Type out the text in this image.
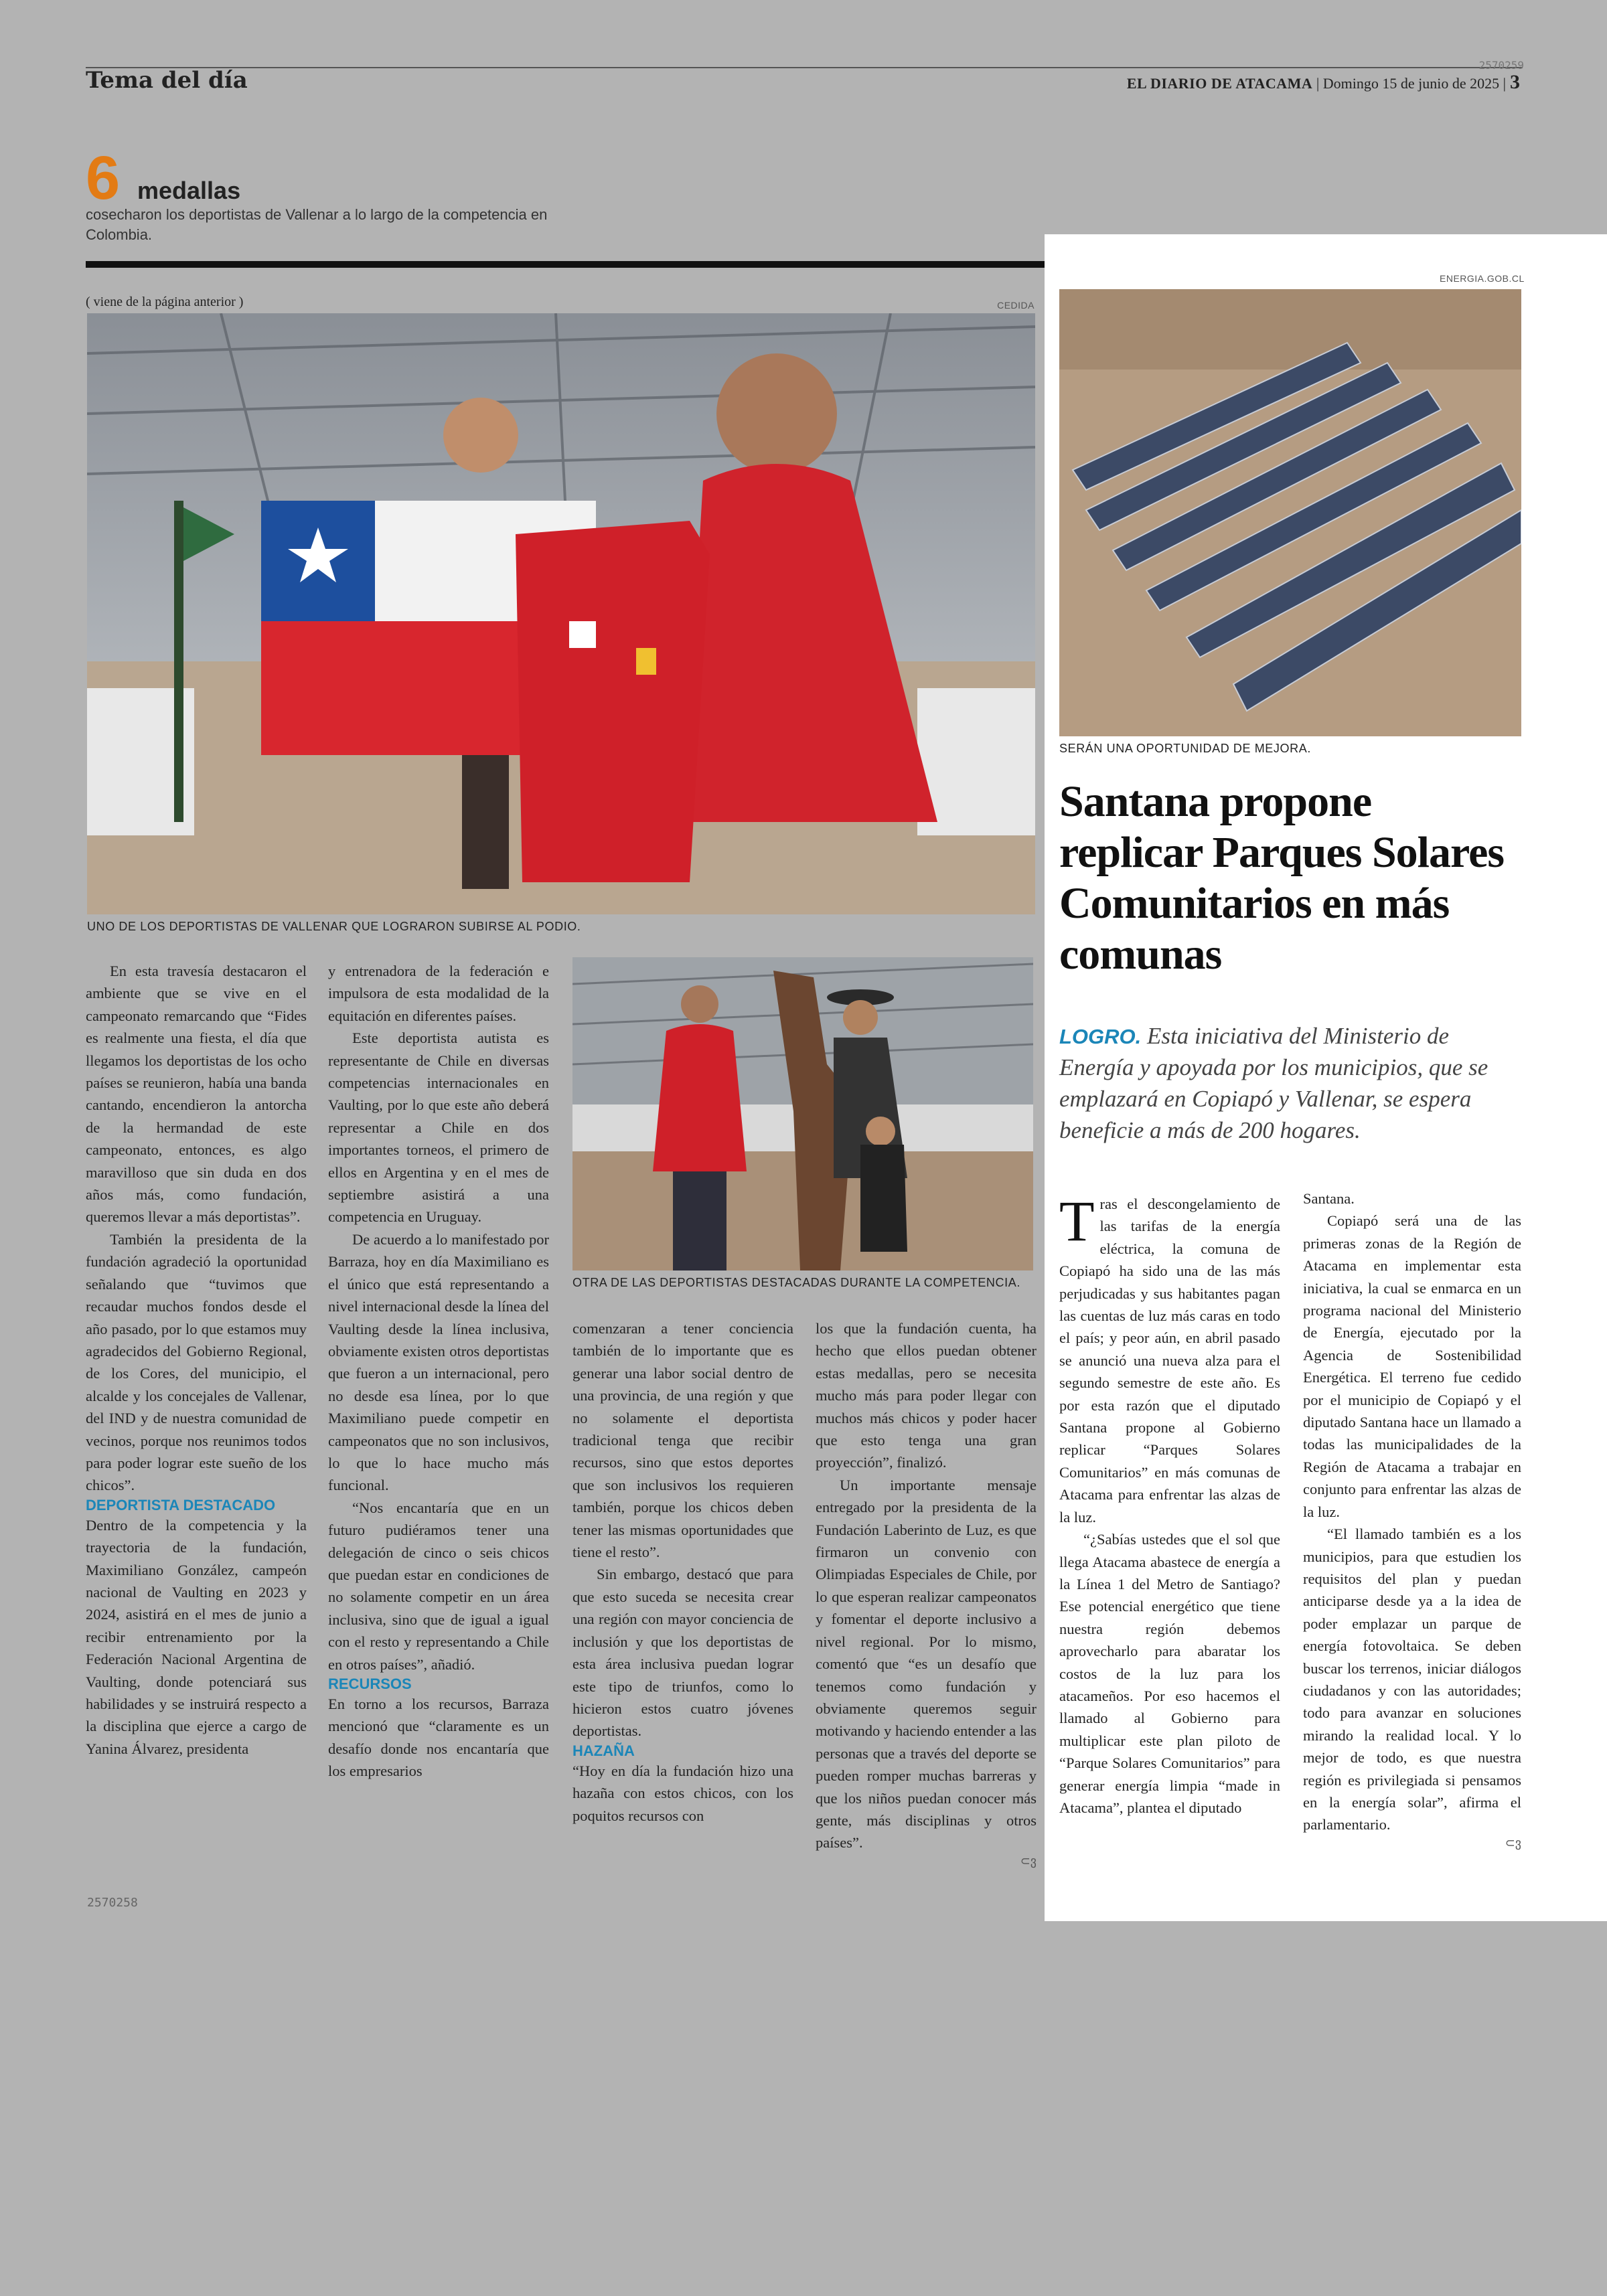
Tema del día
2570259
EL DIARIO DE ATACAMA | Domingo 15 de junio de 2025 | 3
6 medallas
cosecharon los deportistas de Vallenar a lo largo de la competencia en Colombia.
( viene de la página anterior )	CEDIDA
UNO DE LOS DEPORTISTAS DE VALLENAR QUE LOGRARON SUBIRSE AL PODIO.
OTRA DE LAS DEPORTISTAS DESTACADAS DURANTE LA COMPETENCIA.

En esta travesía destacaron el ambiente que se vive en el campeonato remarcando que “Fides es realmente una fiesta, el día que llegamos los deportistas de los ocho países se reunieron, había una banda cantando, encendieron la antorcha de la hermandad de este campeonato, entonces, es algo maravilloso que sin duda en dos años más, como fundación, queremos llevar a más deportistas”.

También la presidenta de la fundación agradeció la oportunidad señalando que “tuvimos que recaudar muchos fondos desde el año pasado, por lo que estamos muy agradecidos del Gobierno Regional, de los Cores, del municipio, el alcalde y los concejales de Vallenar, del IND y de nuestra comunidad de vecinos, porque nos reunimos todos para poder lograr este sueño de los chicos”.

DEPORTISTA DESTACADO

Dentro de la competencia y la trayectoria de la fundación, Maximiliano González, campeón nacional de Vaulting en 2023 y 2024, asistirá en el mes de junio a recibir entrenamiento por la Federación Nacional Argentina de Vaulting, donde potenciará sus habilidades y se instruirá respecto a la disciplina que ejerce a cargo de Yanina Álvarez, presidenta

y entrenadora de la federación e impulsora de esta modalidad de la equitación en diferentes países.

Este deportista autista es representante de Chile en diversas competencias internacionales en Vaulting, por lo que este año deberá representar a Chile en dos importantes torneos, el primero de ellos en Argentina y en el mes de septiembre asistirá a una competencia en Uruguay.

De acuerdo a lo manifestado por Barraza, hoy en día Maximiliano es el único que está representando a nivel internacional desde la línea del Vaulting desde la línea inclusiva, obviamente existen otros deportistas que fueron a un internacional, pero no desde esa línea, por lo que Maximiliano puede competir en campeonatos que no son inclusivos, lo que lo hace mucho más funcional.

“Nos encantaría que en un futuro pudiéramos tener una delegación de cinco o seis chicos que puedan estar en condiciones de no solamente competir en un área inclusiva, sino que de igual a igual con el resto y representando a Chile en otros países”, añadió.

RECURSOS

En torno a los recursos, Barraza mencionó que “claramente es un desafío donde nos encantaría que los empresarios

comenzaran a tener conciencia también de lo importante que es generar una labor social dentro de una provincia, de una región y que no solamente el deportista tradicional tenga que recibir recursos, sino que estos deportes que son inclusivos los requieren también, porque los chicos deben tener las mismas oportunidades que tiene el resto”.

Sin embargo, destacó que para que esto suceda se necesita crear una región con mayor conciencia de inclusión y que los deportistas de esta área inclusiva puedan lograr este tipo de triunfos, como lo hicieron estos cuatro jóvenes deportistas.

HAZAÑA

“Hoy en día la fundación hizo una hazaña con estos chicos, con los poquitos recursos con

los que la fundación cuenta, ha hecho que ellos puedan obtener estas medallas, pero se necesita mucho más para poder llegar con muchos más chicos y poder hacer que esto tenga una gran proyección”, finalizó.

Un importante mensaje entregado por la presidenta de la Fundación Laberinto de Luz, es que firmaron un convenio con Olimpiadas Especiales de Chile, por lo que esperan realizar campeonatos y fomentar el deporte inclusivo a nivel regional. Por lo mismo, comentó que “es un desafío que tenemos como fundación y obviamente queremos seguir motivando y haciendo entender a las personas que a través del deporte se pueden romper muchas barreras y que los niños puedan conocer más gente, más disciplinas y otros países”.

⊂ვ
2570258
ENERGIA.GOB.CL
SERÁN UNA OPORTUNIDAD DE MEJORA.
Santana propone replicar Parques Solares Comunitarios en más comunas
LOGRO. Esta iniciativa del Ministerio de Energía y apoyada por los municipios, que se emplazará en Copiapó y Vallenar, se espera beneficie a más de 200 hogares.

Tras el descongelamiento de las tarifas de la energía eléctrica, la comuna de Copiapó ha sido una de las más perjudicadas y sus habitantes pagan las cuentas de luz más caras en todo el país; y peor aún, en abril pasado se anunció una nueva alza para el segundo semestre de este año. Es por esta razón que el diputado Santana propone al Gobierno replicar “Parques Solares Comunitarios” en más comunas de Atacama para enfrentar las alzas de la luz.

“¿Sabías ustedes que el sol que llega Atacama abastece de energía a la Línea 1 del Metro de Santiago? Ese potencial energético que tiene nuestra región debemos aprovecharlo para abaratar los costos de la luz para los atacameños. Por eso hacemos el llamado al Gobierno para multiplicar este plan piloto de “Parque Solares Comunitarios” para generar energía limpia “made in Atacama”, plantea el diputado

Santana.

Copiapó será una de las primeras zonas de la Región de Atacama en implementar esta iniciativa, la cual se enmarca en un programa nacional del Ministerio de Energía, ejecutado por la Agencia de Sostenibilidad Energética. El terreno fue cedido por el municipio de Copiapó y el diputado Santana hace un llamado a todas las municipalidades de la Región de Atacama a trabajar en conjunto para enfrentar las alzas de la luz.

“El llamado también es a los municipios, para que estudien los requisitos del plan y puedan anticiparse desde ya a la idea de poder emplazar un parque de energía fotovoltaica. Se deben buscar los terrenos, iniciar diálogos ciudadanos y con las autoridades; todo para avanzar en soluciones mirando la realidad local. Y lo mejor de todo, es que nuestra región es privilegiada si pensamos en la energía solar”, afirma el parlamentario.

⊂ვ
